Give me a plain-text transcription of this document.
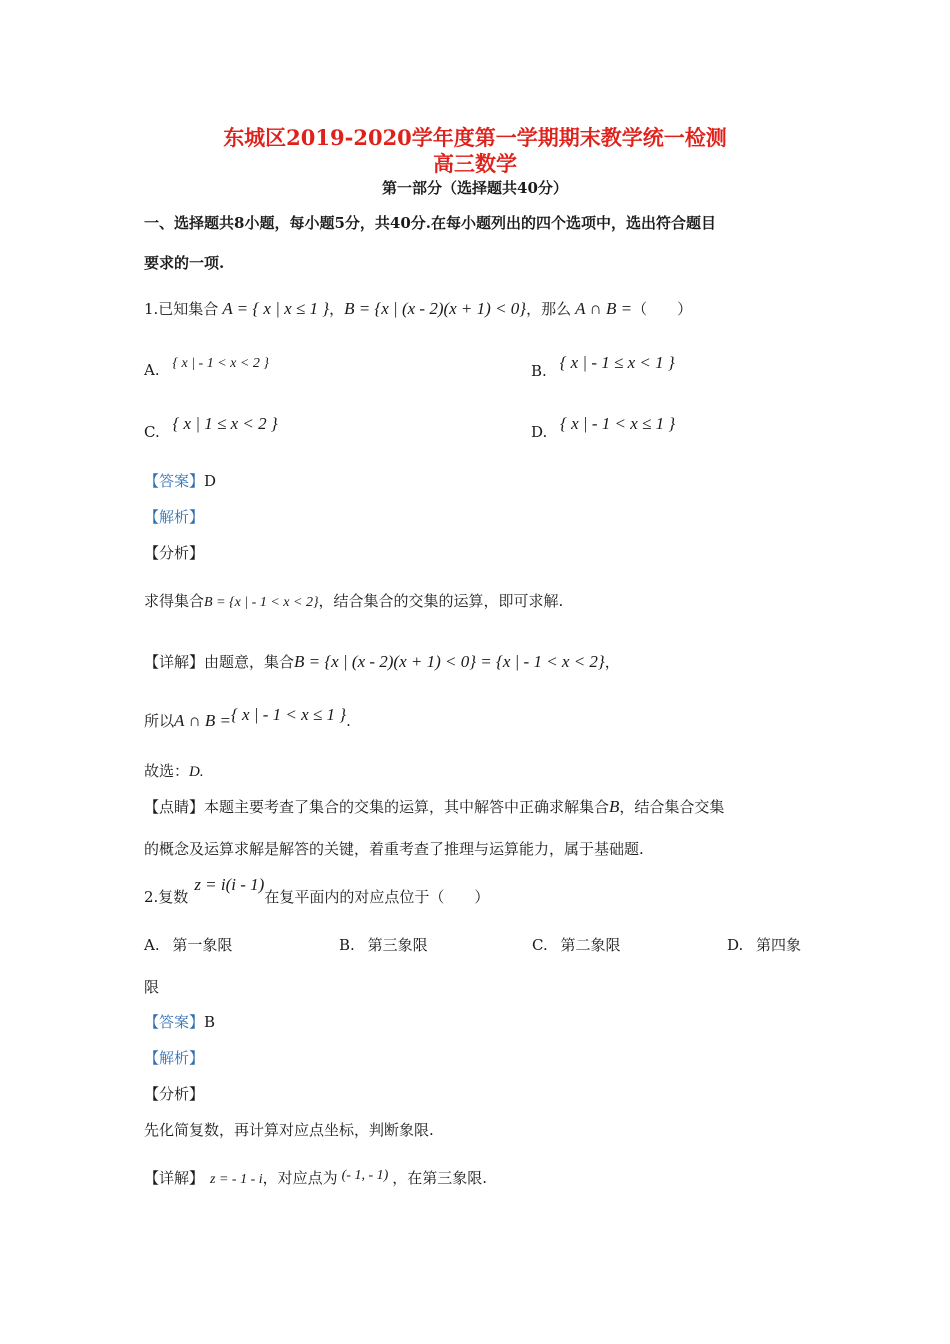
东城区2019-2020学年度第一学期期末教学统一检测
高三数学
第一部分（选择题共40分）
一、选择题共8小题，每小题5分，共40分.在每小题列出的四个选项中，选出符合题目
要求的一项.
1.已知集合 A = { x | x ≤ 1 }，B = {x | (x - 2)(x + 1) < 0}，那么 A ∩ B =（　　）
A. { x | - 1 < x < 2 }	B. { x | - 1 ≤ x < 1 }
C. { x | 1 ≤ x < 2 }	D. { x | - 1 < x ≤ 1 }
【答案】D
【解析】
【分析】
求得集合B = {x | - 1 < x < 2}，结合集合的交集的运算，即可求解.
【详解】由题意，集合B = {x | (x - 2)(x + 1) < 0} = {x | - 1 < x < 2}，
所以A ∩ B ={ x | - 1 < x ≤ 1 }.
故选：D.
【点睛】本题主要考查了集合的交集的运算，其中解答中正确求解集合B，结合集合交集
的概念及运算求解是解答的关键，着重考查了推理与运算能力，属于基础题.
2.复数z = i(i - 1)在复平面内的对应点位于（　　）
A. 第一象限	B. 第三象限	C. 第二象限	D. 第四象
限
【答案】B
【解析】
【分析】
先化简复数，再计算对应点坐标，判断象限.
【详解】 z = - 1 - i，对应点为 (- 1, - 1) ，在第三象限.
